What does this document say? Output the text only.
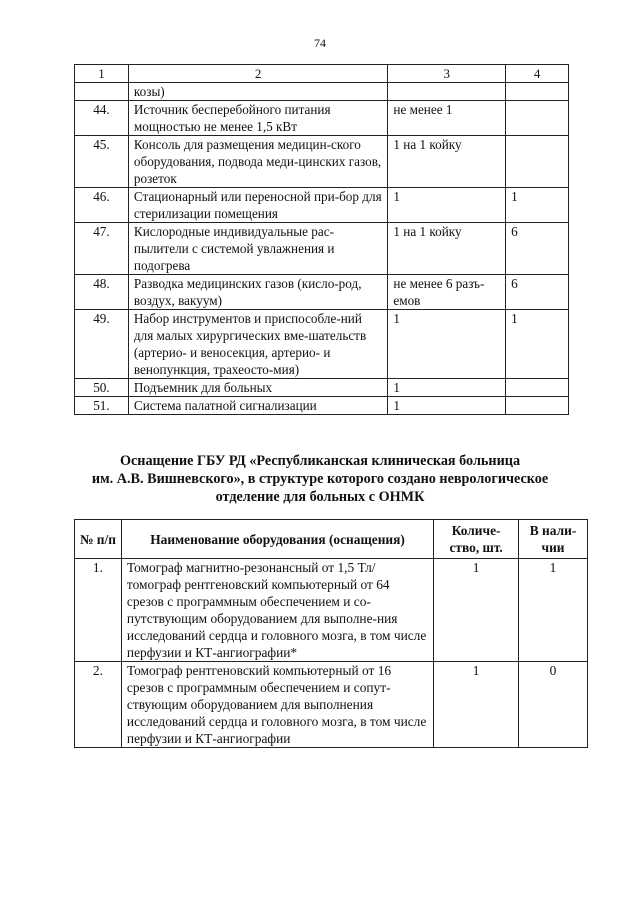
74
1	2	3	4
	козы)		
44.	Источник бесперебойного питания мощностью не менее 1,5 кВт	не менее 1	
45.	Консоль для размещения медицин-ского оборудования, подвода меди-цинских газов, розеток	1 на 1 койку	
46.	Стационарный или переносной при-бор для стерилизации помещения	1	1
47.	Кислородные индивидуальные рас-пылители с системой увлажнения и подогрева	1 на 1 койку	6
48.	Разводка медицинских газов (кисло-род, воздух, вакуум)	не менее 6 разъ-емов	6
49.	Набор инструментов и приспособле-ний для малых хирургических вме-шательств (артерио- и веносекция, артерио- и венопункция, трахеосто-мия)	1	1
50.	Подъемник для больных	1	
51.	Система палатной сигнализации	1	
Оснащение ГБУ РД «Республиканская клиническая больница
им. А.В. Вишневского», в структуре которого создано неврологическое
отделение для больных с ОНМК
№ п/п	Наименование оборудования (оснащения)	Количе-ство, шт.	В нали-чии
1.	Томограф магнитно-резонансный от 1,5 Тл/томограф рентгеновский компьютерный от 64 срезов с программным обеспечением и со-путствующим оборудованием для выполне-ния исследований сердца и головного мозга, в том числе перфузии и КТ-ангиографии*	1	1
2.	Томограф рентгеновский компьютерный от 16 срезов с программным обеспечением и сопут-ствующим оборудованием для выполнения исследований сердца и головного мозга, в том числе перфузии и КТ-ангиографии	1	0
